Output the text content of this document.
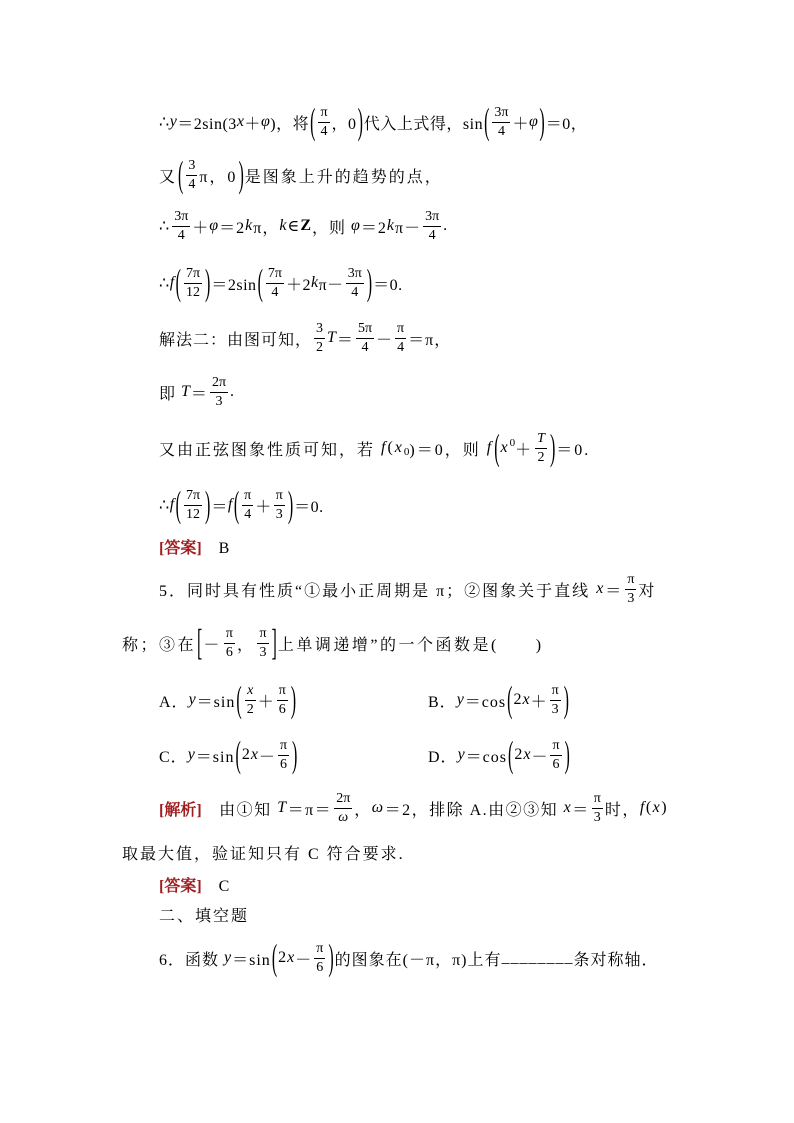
∴ y ＝2sin(3 x ＋ φ )，将 ( $\frac{\pi}{4}$ ，0 ) 代入上式得，sin ( $\frac{3\pi}{4} + \varphi$ ) ＝0，
又 ( $\frac{3}{4}$ π，0 ) 是图象上升的趋势的点，
∴ $\frac{3\pi}{4} + \varphi =2$ k π， k ∈ Z ，则 φ ＝2 k $\pi- \frac{3\pi}{4}$ .
∴ f ( $\frac{7\pi}{12}$ ) ＝2sin ( $\frac{7\pi}{4} +2$ k $\pi- \frac{3\pi}{4}$ ) ＝0.
解法二：由图可知， $\frac{3}{2}$ $T = \frac{5\pi}{4} - \frac{\pi}{4} =\pi$，
即 $T = \frac{2\pi}{3}$ .
又由正弦图象性质可知，若 f ( x 0 )＝0，则 f ( x $0 + \frac{T}{2}$ ) ＝0.
∴ f ( $\frac{7\pi}{12}$ ) ＝ f ( $\frac{\pi}{4} + \frac{\pi}{3}$ ) ＝0.
[答案] 　B
5．同时具有性质“①最小正周期是 π；②图象关于直线 $x = \frac{\pi}{3}$ 对
称；③在 [ － $\frac{\pi}{6}$ ， $\frac{\pi}{3}$ ] 上单调递增”的一个函数是(　　)
A． y ＝sin ( $\frac{x}{2} + \frac{\pi}{6}$ )	B． y ＝cos ( 2 $x + \frac{\pi}{3}$ )
C． y ＝sin ( 2 $x - \frac{\pi}{6}$ )	D． y ＝cos ( 2 $x - \frac{\pi}{6}$ )
[解析] 　由①知 $T =\pi= \frac{2\pi}{\omega}$ ， ω ＝2，排除 A.由②③知 $x = \frac{\pi}{3}$ 时， f ( x )
取最大值，验证知只有 C 符合要求.
[答案] 　C
二、填空题
6．函数 y ＝sin ( 2 $x - \frac{\pi}{6}$ ) 的图象在(－π，π)上有 ________ 条对称轴．
